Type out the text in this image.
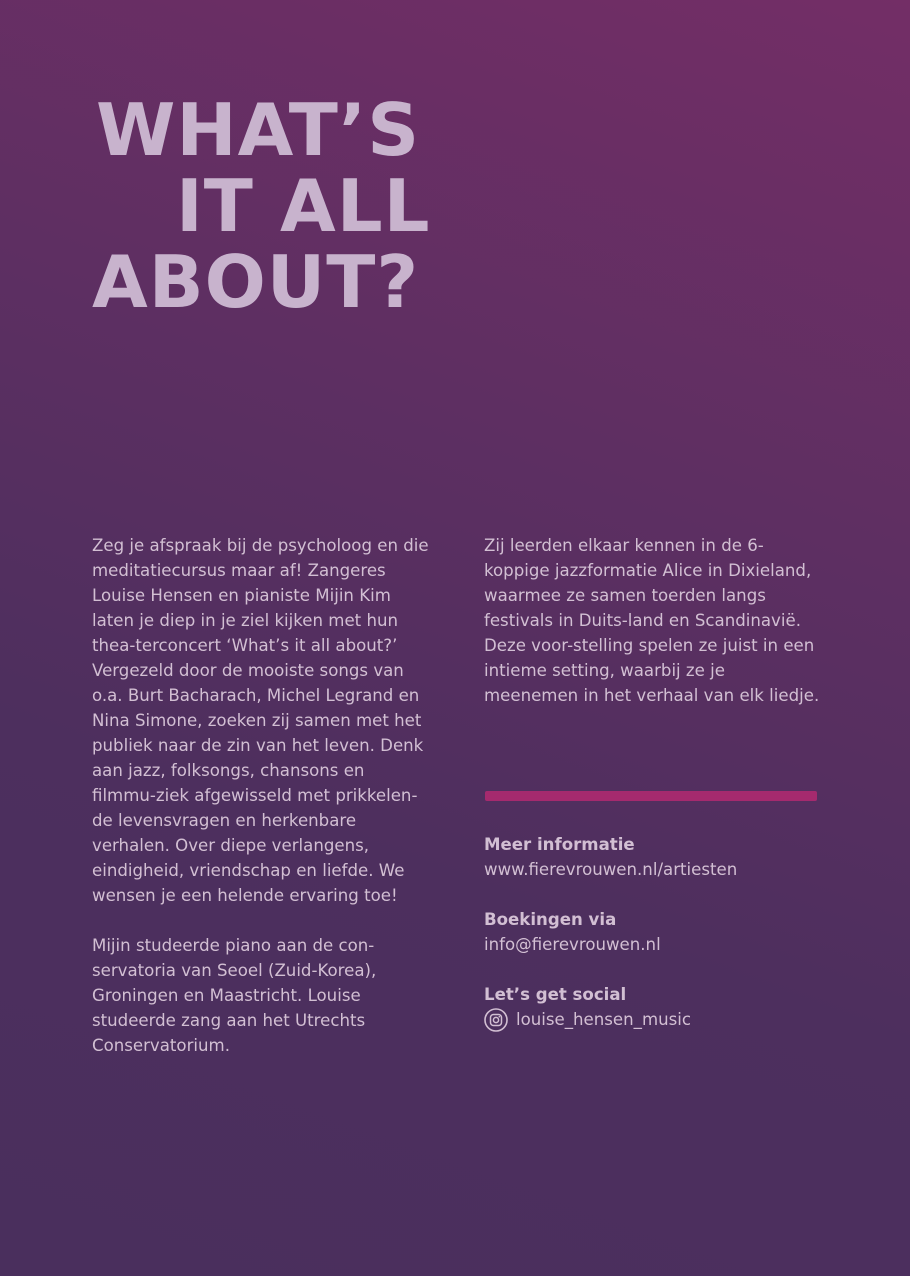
WHAT’S
IT ALL
ABOUT?

Zeg je afspraak bij de psycholoog en die meditatiecursus maar af! Zangeres Louise Hensen en pianiste Mijin Kim laten je diep in je ziel kijken met hun thea-terconcert ‘What’s it all about?’ Vergezeld door de mooiste songs van o.a. Burt Bacharach, Michel Legrand en Nina Simone, zoeken zij samen met het publiek naar de zin van het leven. Denk aan jazz, folksongs, chansons en filmmu-ziek afgewisseld met prikkelen-de levensvragen en herkenbare verhalen. Over diepe verlangens, eindigheid, vriendschap en liefde. We wensen je een helende ervaring toe!

Mijin studeerde piano aan de con-servatoria van Seoel (Zuid-Korea), Groningen en Maastricht. Louise studeerde zang aan het Utrechts Conservatorium.

Zij leerden elkaar kennen in de 6-koppige jazzformatie Alice in Dixieland, waarmee ze samen toerden langs festivals in Duits-land en Scandinavië. Deze voor-stelling spelen ze juist in een intieme setting, waarbij ze je meenemen in het verhaal van elk liedje.

Meer informatie
www.fierevrouwen.nl/artiesten
Boekingen via
info@fierevrouwen.nl
Let’s get social
louise_hensen_music
